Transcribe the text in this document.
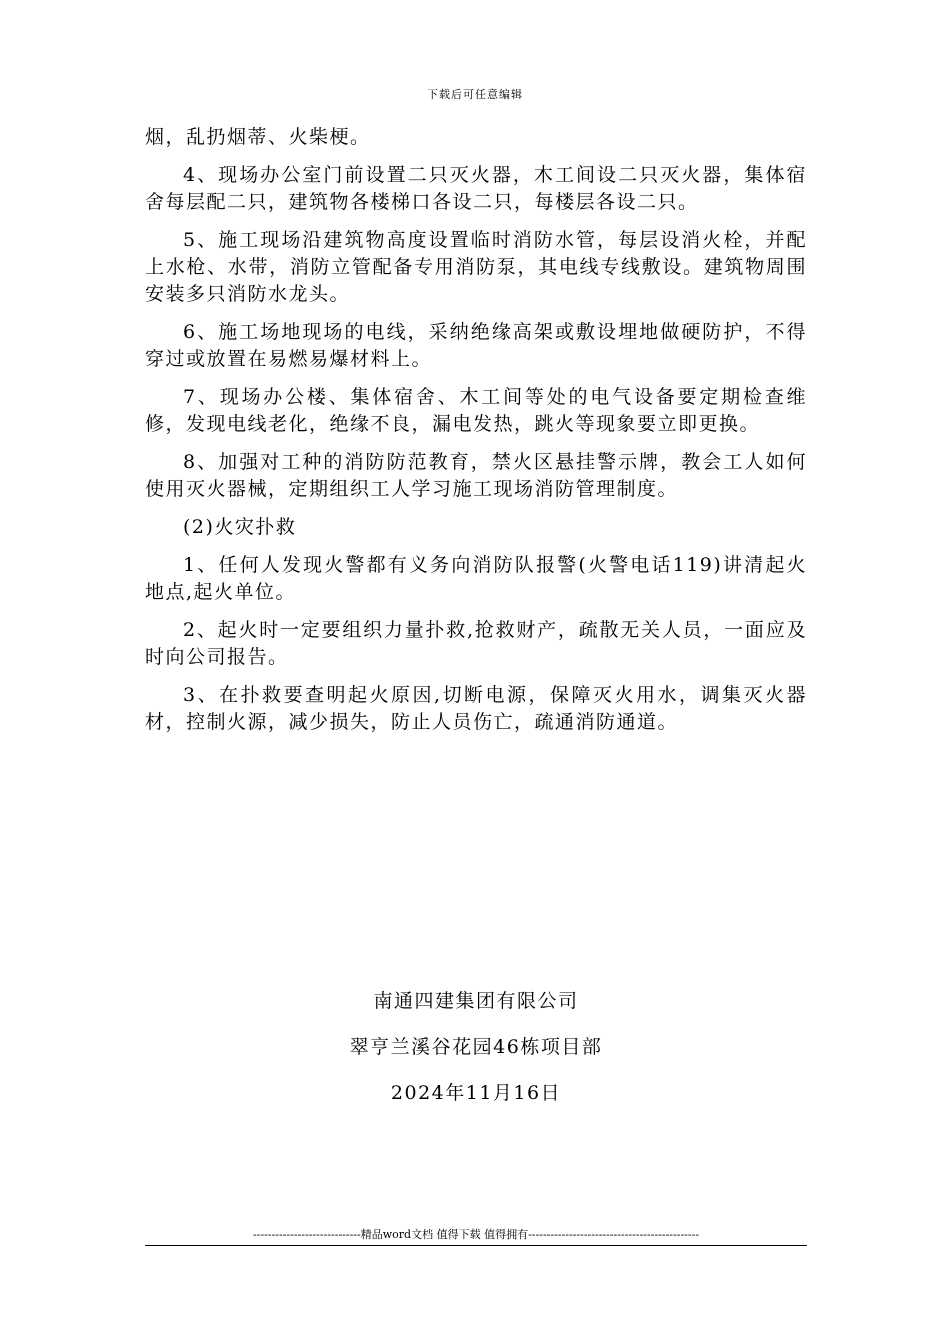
下载后可任意编辑

烟，乱扔烟蒂、火柴梗。

4、现场办公室门前设置二只灭火器，木工间设二只灭火器，集体宿舍每层配二只，建筑物各楼梯口各设二只，每楼层各设二只。

5、施工现场沿建筑物高度设置临时消防水管，每层设消火栓，并配上水枪、水带，消防立管配备专用消防泵，其电线专线敷设。建筑物周围安装多只消防水龙头。

6、施工场地现场的电线，采纳绝缘高架或敷设埋地做硬防护，不得穿过或放置在易燃易爆材料上。

7、现场办公楼、集体宿舍、木工间等处的电气设备要定期检查维修，发现电线老化，绝缘不良，漏电发热，跳火等现象要立即更换。

8、加强对工种的消防防范教育，禁火区悬挂警示牌，教会工人如何使用灭火器械，定期组织工人学习施工现场消防管理制度。

(2)火灾扑救

1、任何人发现火警都有义务向消防队报警(火警电话119)讲清起火地点,起火单位。

2、起火时一定要组织力量扑救,抢救财产，疏散无关人员，一面应及时向公司报告。

3、在扑救要查明起火原因,切断电源，保障灭火用水，调集灭火器材，控制火源，减少损失，防止人员伤亡，疏通消防通道。

南通四建集团有限公司
翠亨兰溪谷花园46栋项目部
2024年11月16日
-----------------------------精品word文档 值得下载 值得拥有----------------------------------------------
